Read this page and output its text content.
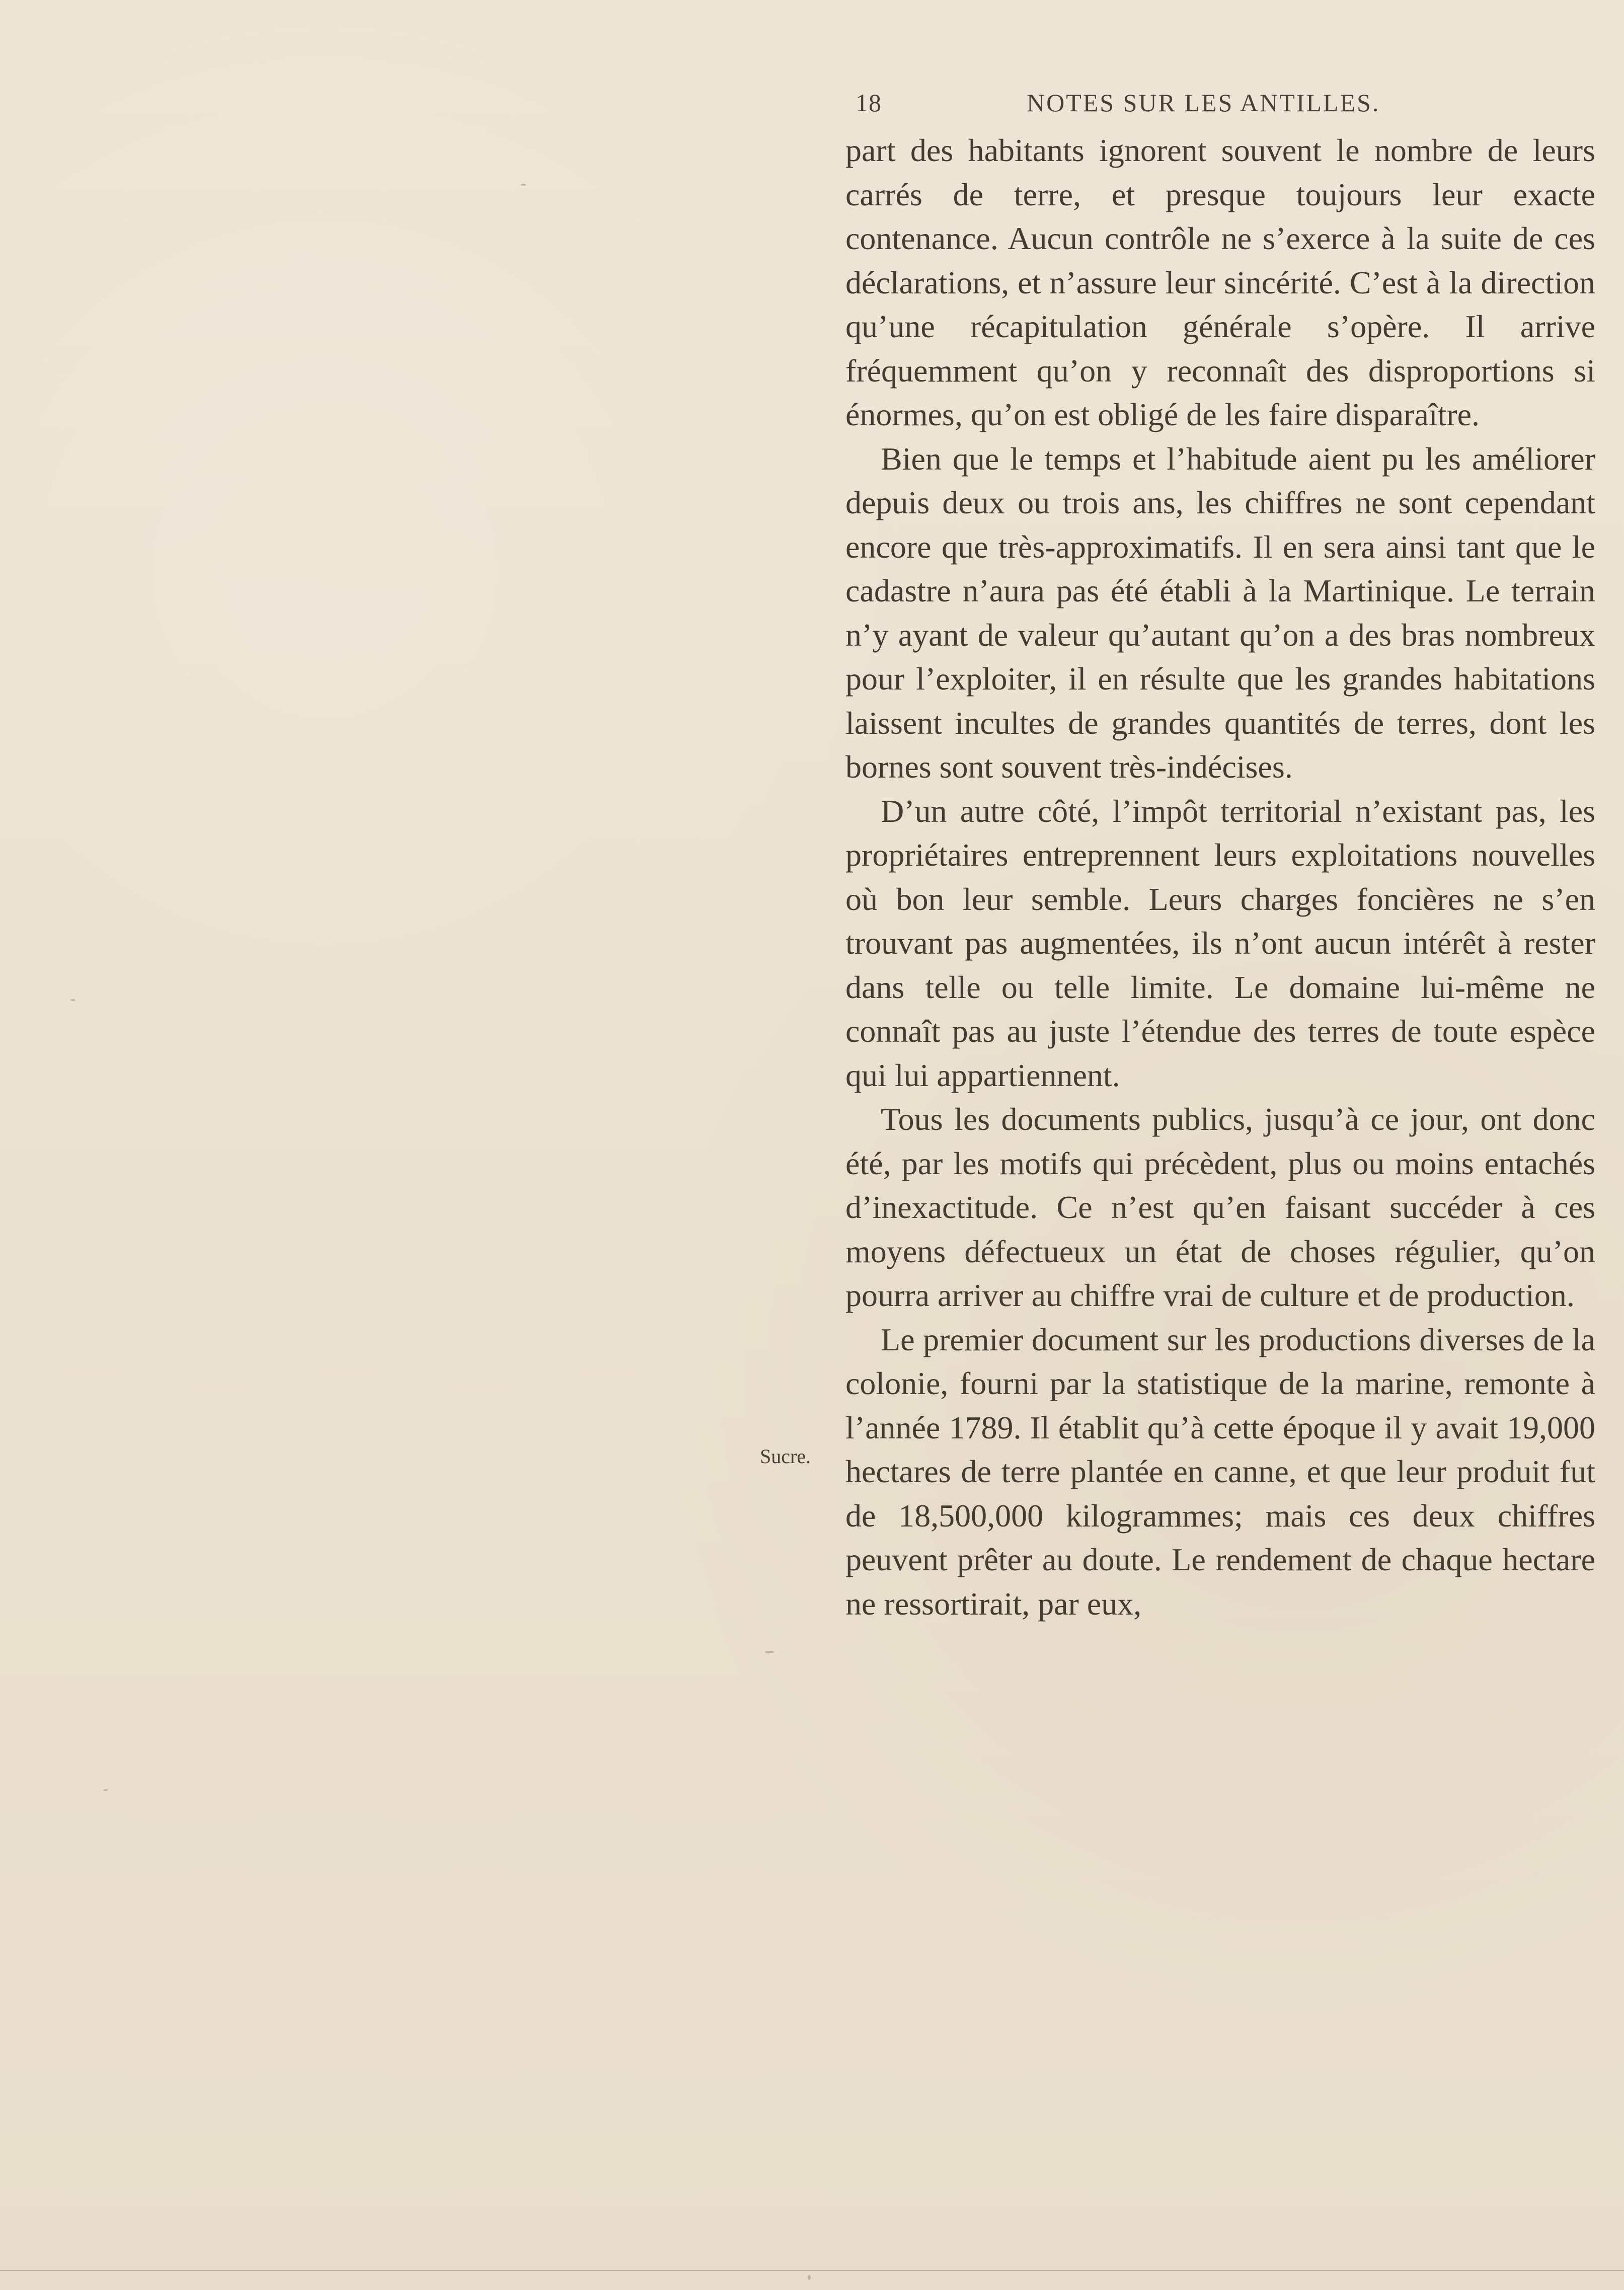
18	NOTES SUR LES ANTILLES.

part des habitants ignorent souvent le nombre de leurs carrés de terre, et presque toujours leur exacte contenance. Aucun contrôle ne s’exerce à la suite de ces déclarations, et n’assure leur sincérité. C’est à la direction qu’une récapitulation générale s’opère. Il arrive fréquemment qu’on y reconnaît des disproportions si énormes, qu’on est obligé de les faire disparaître.

Bien que le temps et l’habitude aient pu les améliorer depuis deux ou trois ans, les chiffres ne sont cependant encore que très-approximatifs. Il en sera ainsi tant que le cadastre n’aura pas été établi à la Martinique. Le terrain n’y ayant de valeur qu’autant qu’on a des bras nombreux pour l’exploiter, il en résulte que les grandes habitations laissent incultes de grandes quantités de terres, dont les bornes sont souvent très-indécises.

D’un autre côté, l’impôt territorial n’existant pas, les propriétaires entreprennent leurs exploitations nouvelles où bon leur semble. Leurs charges foncières ne s’en trouvant pas augmentées, ils n’ont aucun intérêt à rester dans telle ou telle limite. Le domaine lui-même ne connaît pas au juste l’étendue des terres de toute espèce qui lui appartiennent.

Tous les documents publics, jusqu’à ce jour, ont donc été, par les motifs qui précèdent, plus ou moins entachés d’inexactitude. Ce n’est qu’en faisant succéder à ces moyens défectueux un état de choses régulier, qu’on pourra arriver au chiffre vrai de culture et de production.

Le premier document sur les productions diverses de la colonie, fourni par la statistique de la marine, remonte à l’année 1789. Il établit qu’à cette époque il y avait 19,000 hectares de terre plantée en canne, et que leur produit fut de 18,500,000 kilogrammes; mais ces deux chiffres peuvent prêter au doute. Le rendement de chaque hectare ne ressortirait, par eux,

Sucre.
